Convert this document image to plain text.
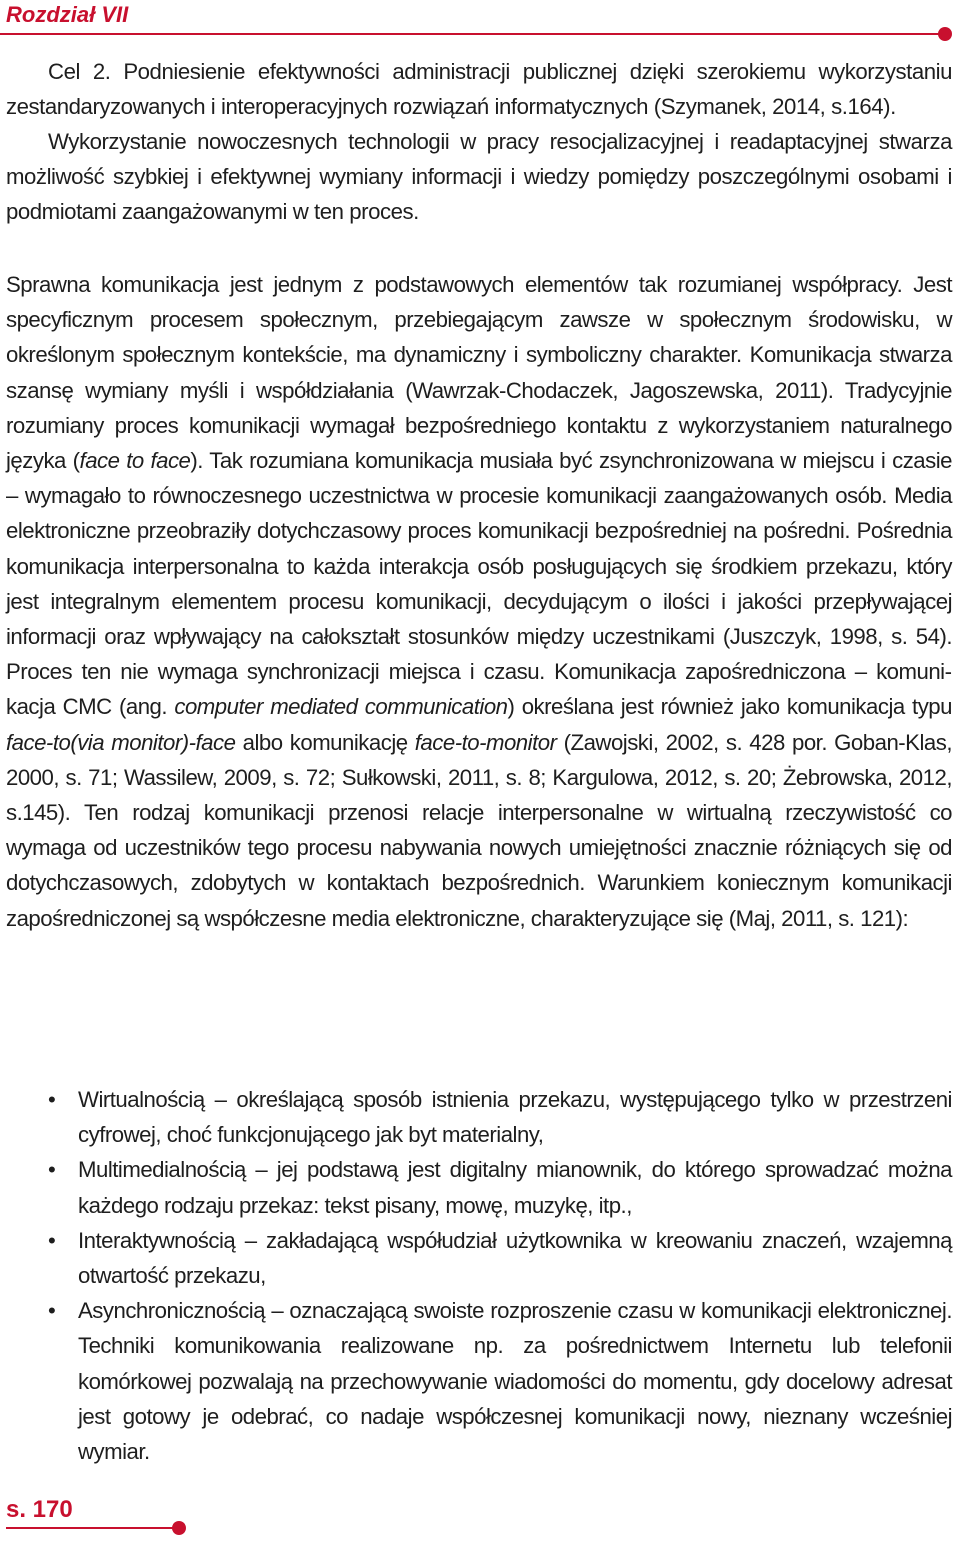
Rozdział VII

Cel 2. Podniesienie efektywności administracji publicznej dzięki szerokiemu wykorzystaniu zestandaryzowanych i interoperacyjnych rozwiązań informatycznych (Szymanek, 2014, s.164).

Wykorzystanie nowoczesnych technologii w pracy resocjalizacyjnej i readaptacyjnej stwarza możliwość szybkiej i efektywnej wymiany informacji i wiedzy pomiędzy poszczególnymi osobami i podmiotami zaangażowanymi w ten proces.

Sprawna komunikacja jest jednym z podstawowych elementów tak rozumianej współpracy. Jest specyficznym procesem społecznym, przebiegającym zawsze w społecznym środowisku, w określonym społecznym kontekście, ma dynamiczny i symboliczny charakter. Komunikacja stwarza szansę wymiany myśli i współdziałania (Wawrzak-Chodaczek, Jagoszewska, 2011). Tradycyjnie rozumiany proces komunikacji wymagał bezpośredniego kontaktu z wykorzystaniem naturalnego języka (face to face). Tak rozumiana komunikacja musiała być zsynchronizowana w miejscu i czasie – wymagało to równoczesnego uczestnictwa w procesie komunikacji zaangażowanych osób. Media elektroniczne przeobraziły dotychczasowy proces komunikacji bezpośredniej na pośredni. Pośrednia komunikacja interpersonalna to każda interakcja osób posługujących się środkiem przekazu, który jest integralnym elementem procesu komunikacji, decydującym o ilości i jakości przepływającej informacji oraz wpływający na całokształt stosunków między uczestnikami (Juszczyk, 1998, s. 54). Proces ten nie wymaga synchronizacji miejsca i czasu. Komunikacja zapośredniczona – komunikacja CMC (ang. computer mediated communication) określana jest również jako komunikacja typu face-to(via monitor)-face albo komunikację face-to-monitor (Zawojski, 2002, s. 428 por. Goban-Klas, 2000, s. 71; Wassilew, 2009, s. 72; Sułkowski, 2011, s. 8; Kargulowa, 2012, s. 20; Żebrowska, 2012, s.145). Ten rodzaj komunikacji przenosi relacje interpersonalne w wirtualną rzeczywistość co wymaga od uczestników tego procesu nabywania nowych umiejętności znacznie różniących się od dotychczasowych, zdobytych w kontaktach bezpośrednich. Warunkiem koniecznym komunikacji zapośredniczonej są współczesne media elektroniczne, charakteryzujące się (Maj, 2011, s. 121):
• Wirtualnością – określającą sposób istnienia przekazu, występującego tylko w przestrzeni cyfrowej, choć funkcjonującego jak byt materialny,
• Multimedialnością – jej podstawą jest digitalny mianownik, do którego sprowadzać można każdego rodzaju przekaz: tekst pisany, mowę, muzykę, itp.,
• Interaktywnością – zakładającą współudział użytkownika w kreowaniu znaczeń, wzajemną otwartość przekazu,
• Asynchronicznością – oznaczającą swoiste rozproszenie czasu w komunikacji elektronicznej. Techniki komunikowania realizowane np. za pośrednictwem Internetu lub telefonii komórkowej pozwalają na przechowywanie wiadomości do momentu, gdy docelowy adresat jest gotowy je odebrać, co nadaje współczesnej komunikacji nowy, nieznany wcześniej wymiar.
s. 170
